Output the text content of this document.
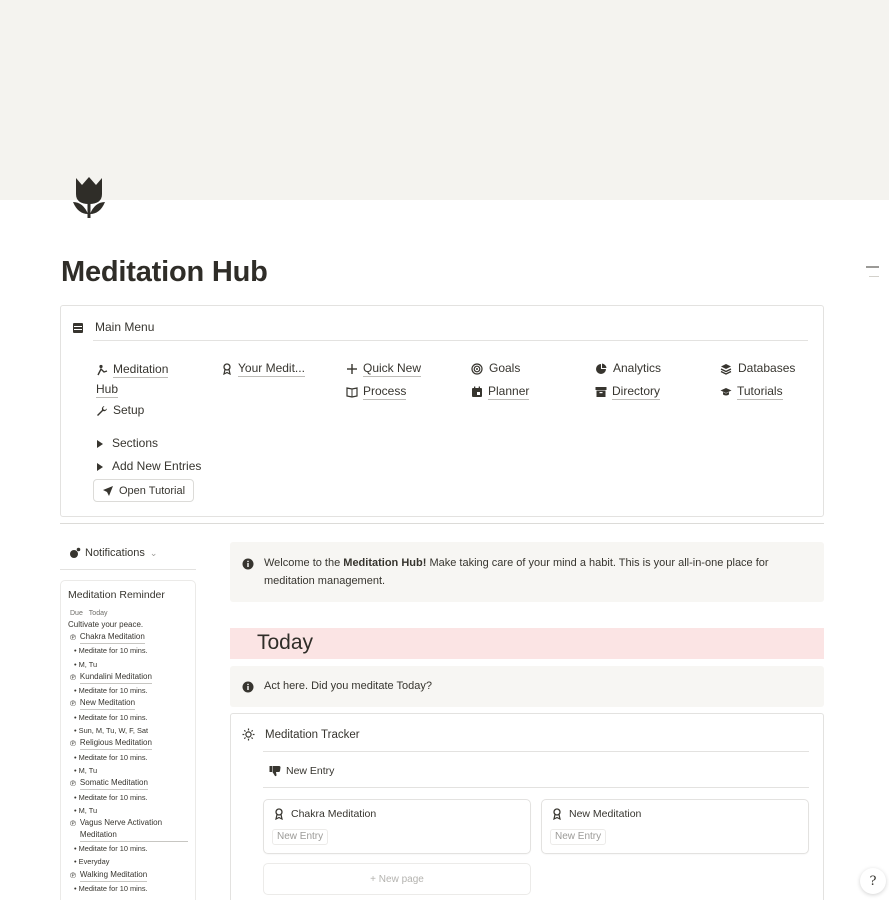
Meditation Hub
Main Menu
Meditation
Hub
Setup
Your Medit...	Quick New
Process
Goals
Planner
Analytics
Directory
Databases
Tutorials
Sections
Add New Entries
Open Tutorial
Notifications ⌄
Meditation Reminder
Due Today
Cultivate your peace.
℗ Chakra Meditation
• Meditate for 10 mins.
• M, Tu
℗ Kundalini Meditation
• Meditate for 10 mins.
℗ New Meditation
• Meditate for 10 mins.
• Sun, M, Tu, W, F, Sat
℗ Religious Meditation
• Meditate for 10 mins.
• M, Tu
℗ Somatic Meditation
• Meditate for 10 mins.
• M, Tu
℗ Vagus Nerve Activation Meditation
• Meditate for 10 mins.
• Everyday
℗ Walking Meditation
• Meditate for 10 mins.
Welcome to the Meditation Hub! Make taking care of your mind a habit. This is your all-in-one place for meditation management.
Today
Act here. Did you meditate Today?
Meditation Tracker
New Entry
Chakra Meditation
New Entry
New Meditation
New Entry
+ New page	?
